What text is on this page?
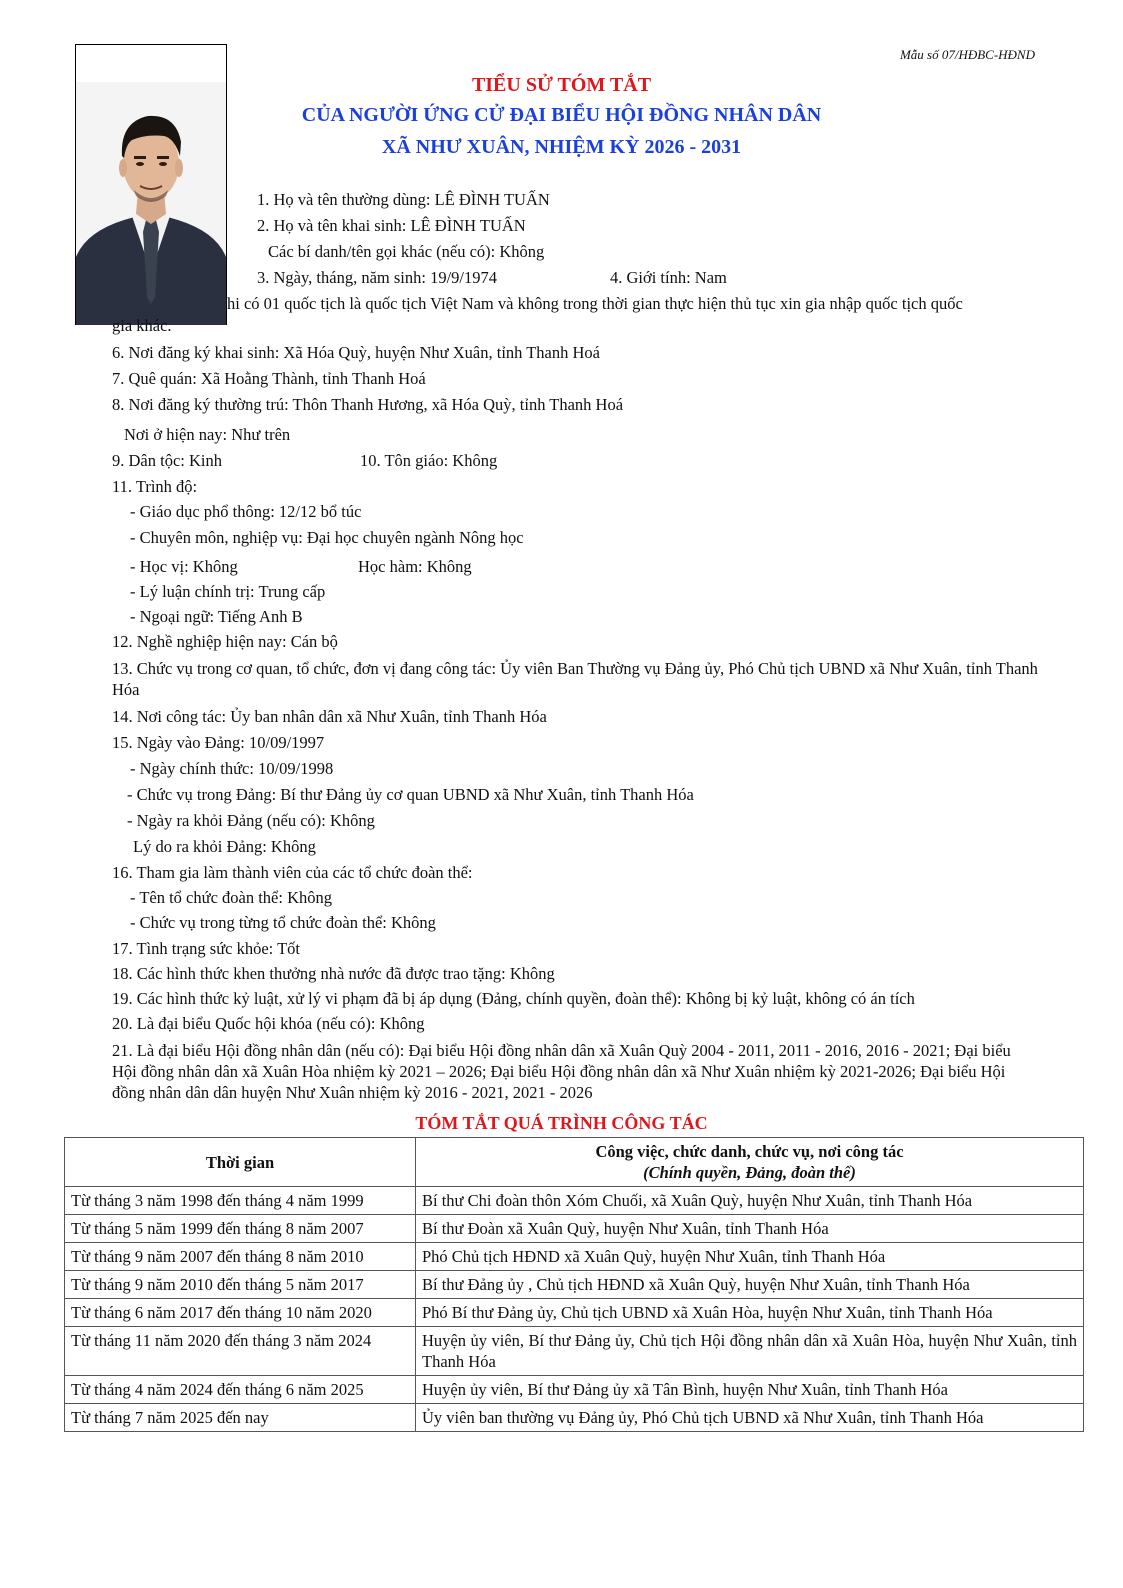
Mẫu số 07/HĐBC-HĐND
TIỂU SỬ TÓM TẮT
CỦA NGƯỜI ỨNG CỬ ĐẠI BIỂU HỘI ĐỒNG NHÂN DÂN
XÃ NHƯ XUÂN, NHIỆM KỲ 2026 - 2031
1. Họ và tên thường dùng: LÊ ĐÌNH TUẤN
2. Họ và tên khai sinh: LÊ ĐÌNH TUẤN
Các bí danh/tên gọi khác (nếu có): Không
3. Ngày, tháng, năm sinh: 19/9/1974	4. Giới tính: Nam
hi có 01 quốc tịch là quốc tịch Việt Nam và không trong thời gian thực hiện thủ tục xin gia nhập quốc tịch quốc
gia khác.
6. Nơi đăng ký khai sinh: Xã Hóa Quỳ, huyện Như Xuân, tỉnh Thanh Hoá
7. Quê quán: Xã Hoằng Thành, tỉnh Thanh Hoá
8. Nơi đăng ký thường trú: Thôn Thanh Hương, xã Hóa Quỳ, tỉnh Thanh Hoá
Nơi ở hiện nay: Như trên
9. Dân tộc: Kinh	10. Tôn giáo: Không
11. Trình độ:
- Giáo dục phổ thông: 12/12 bổ túc
- Chuyên môn, nghiệp vụ: Đại học chuyên ngành Nông học
- Học vị: Không	Học hàm: Không
- Lý luận chính trị: Trung cấp
- Ngoại ngữ: Tiếng Anh B
12. Nghề nghiệp hiện nay: Cán bộ
13. Chức vụ trong cơ quan, tổ chức, đơn vị đang công tác: Ủy viên Ban Thường vụ Đảng ủy, Phó Chủ tịch UBND xã Như Xuân, tỉnh Thanh Hóa
14. Nơi công tác: Ủy ban nhân dân xã Như Xuân, tỉnh Thanh Hóa
15. Ngày vào Đảng: 10/09/1997
- Ngày chính thức: 10/09/1998
- Chức vụ trong Đảng: Bí thư Đảng ủy cơ quan UBND xã Như Xuân, tỉnh Thanh Hóa
- Ngày ra khỏi Đảng (nếu có): Không
Lý do ra khỏi Đảng: Không
16. Tham gia làm thành viên của các tổ chức đoàn thể:
- Tên tổ chức đoàn thể: Không
- Chức vụ trong từng tổ chức đoàn thể: Không
17. Tình trạng sức khỏe: Tốt
18. Các hình thức khen thưởng nhà nước đã được trao tặng: Không
19. Các hình thức kỷ luật, xử lý vi phạm đã bị áp dụng (Đảng, chính quyền, đoàn thể): Không bị kỷ luật, không có án tích
20. Là đại biểu Quốc hội khóa (nếu có): Không
21. Là đại biểu Hội đồng nhân dân (nếu có): Đại biểu Hội đồng nhân dân xã Xuân Quỳ 2004 - 2011, 2011 - 2016, 2016 - 2021; Đại biểu Hội đồng nhân dân xã Xuân Hòa nhiệm kỳ 2021 – 2026; Đại biểu Hội đồng nhân dân xã Như Xuân nhiệm kỳ 2021-2026; Đại biểu Hội đồng nhân dân dân huyện Như Xuân nhiệm kỳ 2016 - 2021, 2021 - 2026
TÓM TẮT QUÁ TRÌNH CÔNG TÁC
Thời gian	Công việc, chức danh, chức vụ, nơi công tác
(Chính quyền, Đảng, đoàn thể)

Từ tháng 3 năm 1998 đến tháng 4 năm 1999	Bí thư Chi đoàn thôn Xóm Chuối, xã Xuân Quỳ, huyện Như Xuân, tỉnh Thanh Hóa
Từ tháng 5 năm 1999 đến tháng 8 năm 2007	Bí thư Đoàn xã Xuân Quỳ, huyện Như Xuân, tỉnh Thanh Hóa
Từ tháng 9 năm 2007 đến tháng 8 năm 2010	Phó Chủ tịch HĐND xã Xuân Quỳ, huyện Như Xuân, tỉnh Thanh Hóa
Từ tháng 9 năm 2010 đến tháng 5 năm 2017	Bí thư Đảng ủy , Chủ tịch HĐND xã Xuân Quỳ, huyện Như Xuân, tỉnh Thanh Hóa
Từ tháng 6 năm 2017 đến tháng 10 năm 2020	Phó Bí thư Đảng ủy, Chủ tịch UBND xã Xuân Hòa, huyện Như Xuân, tỉnh Thanh Hóa
Từ tháng 11 năm 2020 đến tháng 3 năm 2024	Huyện ủy viên, Bí thư Đảng ủy, Chủ tịch Hội đồng nhân dân xã Xuân Hòa, huyện Như Xuân, tỉnh Thanh Hóa
Từ tháng 4 năm 2024 đến tháng 6 năm 2025	Huyện ủy viên, Bí thư Đảng ủy xã Tân Bình, huyện Như Xuân, tỉnh Thanh Hóa
Từ tháng 7 năm 2025 đến nay	Ủy viên ban thường vụ Đảng ủy, Phó Chủ tịch UBND xã Như Xuân, tỉnh Thanh Hóa
